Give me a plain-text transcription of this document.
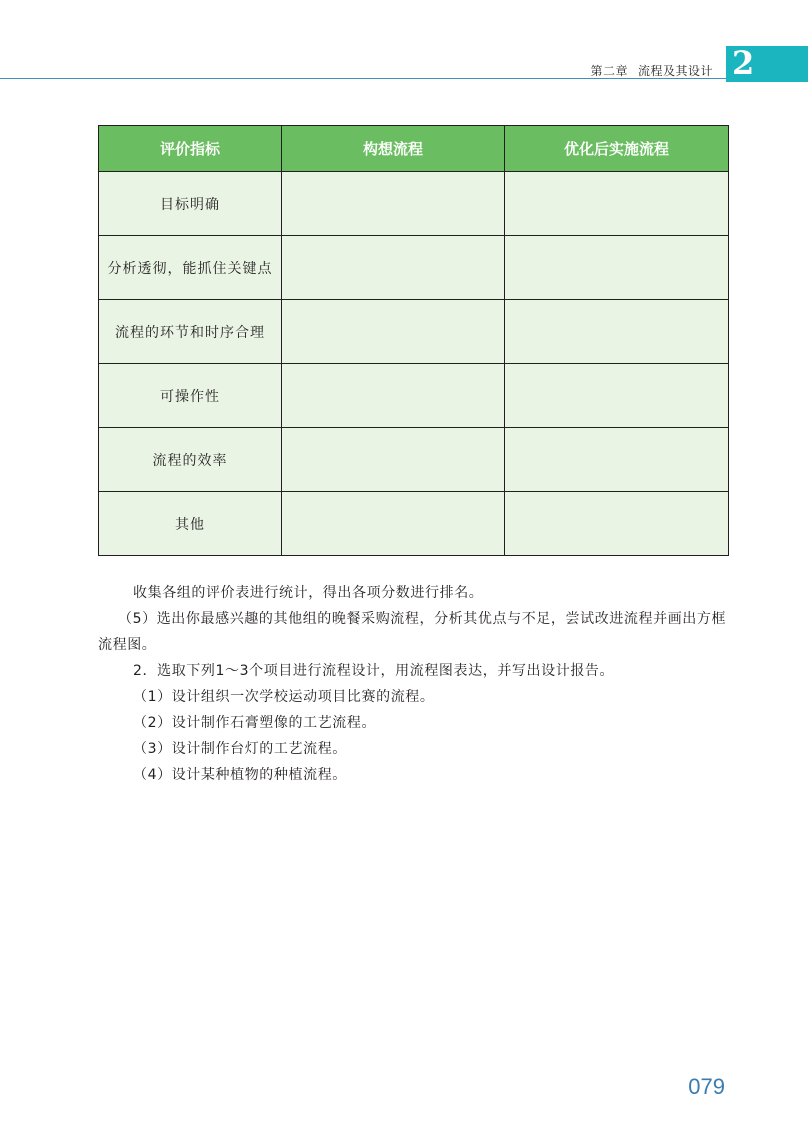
第二章 流程及其设计 2
评价指标	构想流程	优化后实施流程
目标明确		
分析透彻，能抓住关键点		
流程的环节和时序合理		
可操作性		
流程的效率		
其他		

收集各组的评价表进行统计，得出各项分数进行排名。

（5）选出你最感兴趣的其他组的晚餐采购流程，分析其优点与不足，尝试改进流程并画出方框流程图。

2．选取下列1～3个项目进行流程设计，用流程图表达，并写出设计报告。

（1）设计组织一次学校运动项目比赛的流程。

（2）设计制作石膏塑像的工艺流程。

（3）设计制作台灯的工艺流程。

（4）设计某种植物的种植流程。

079
